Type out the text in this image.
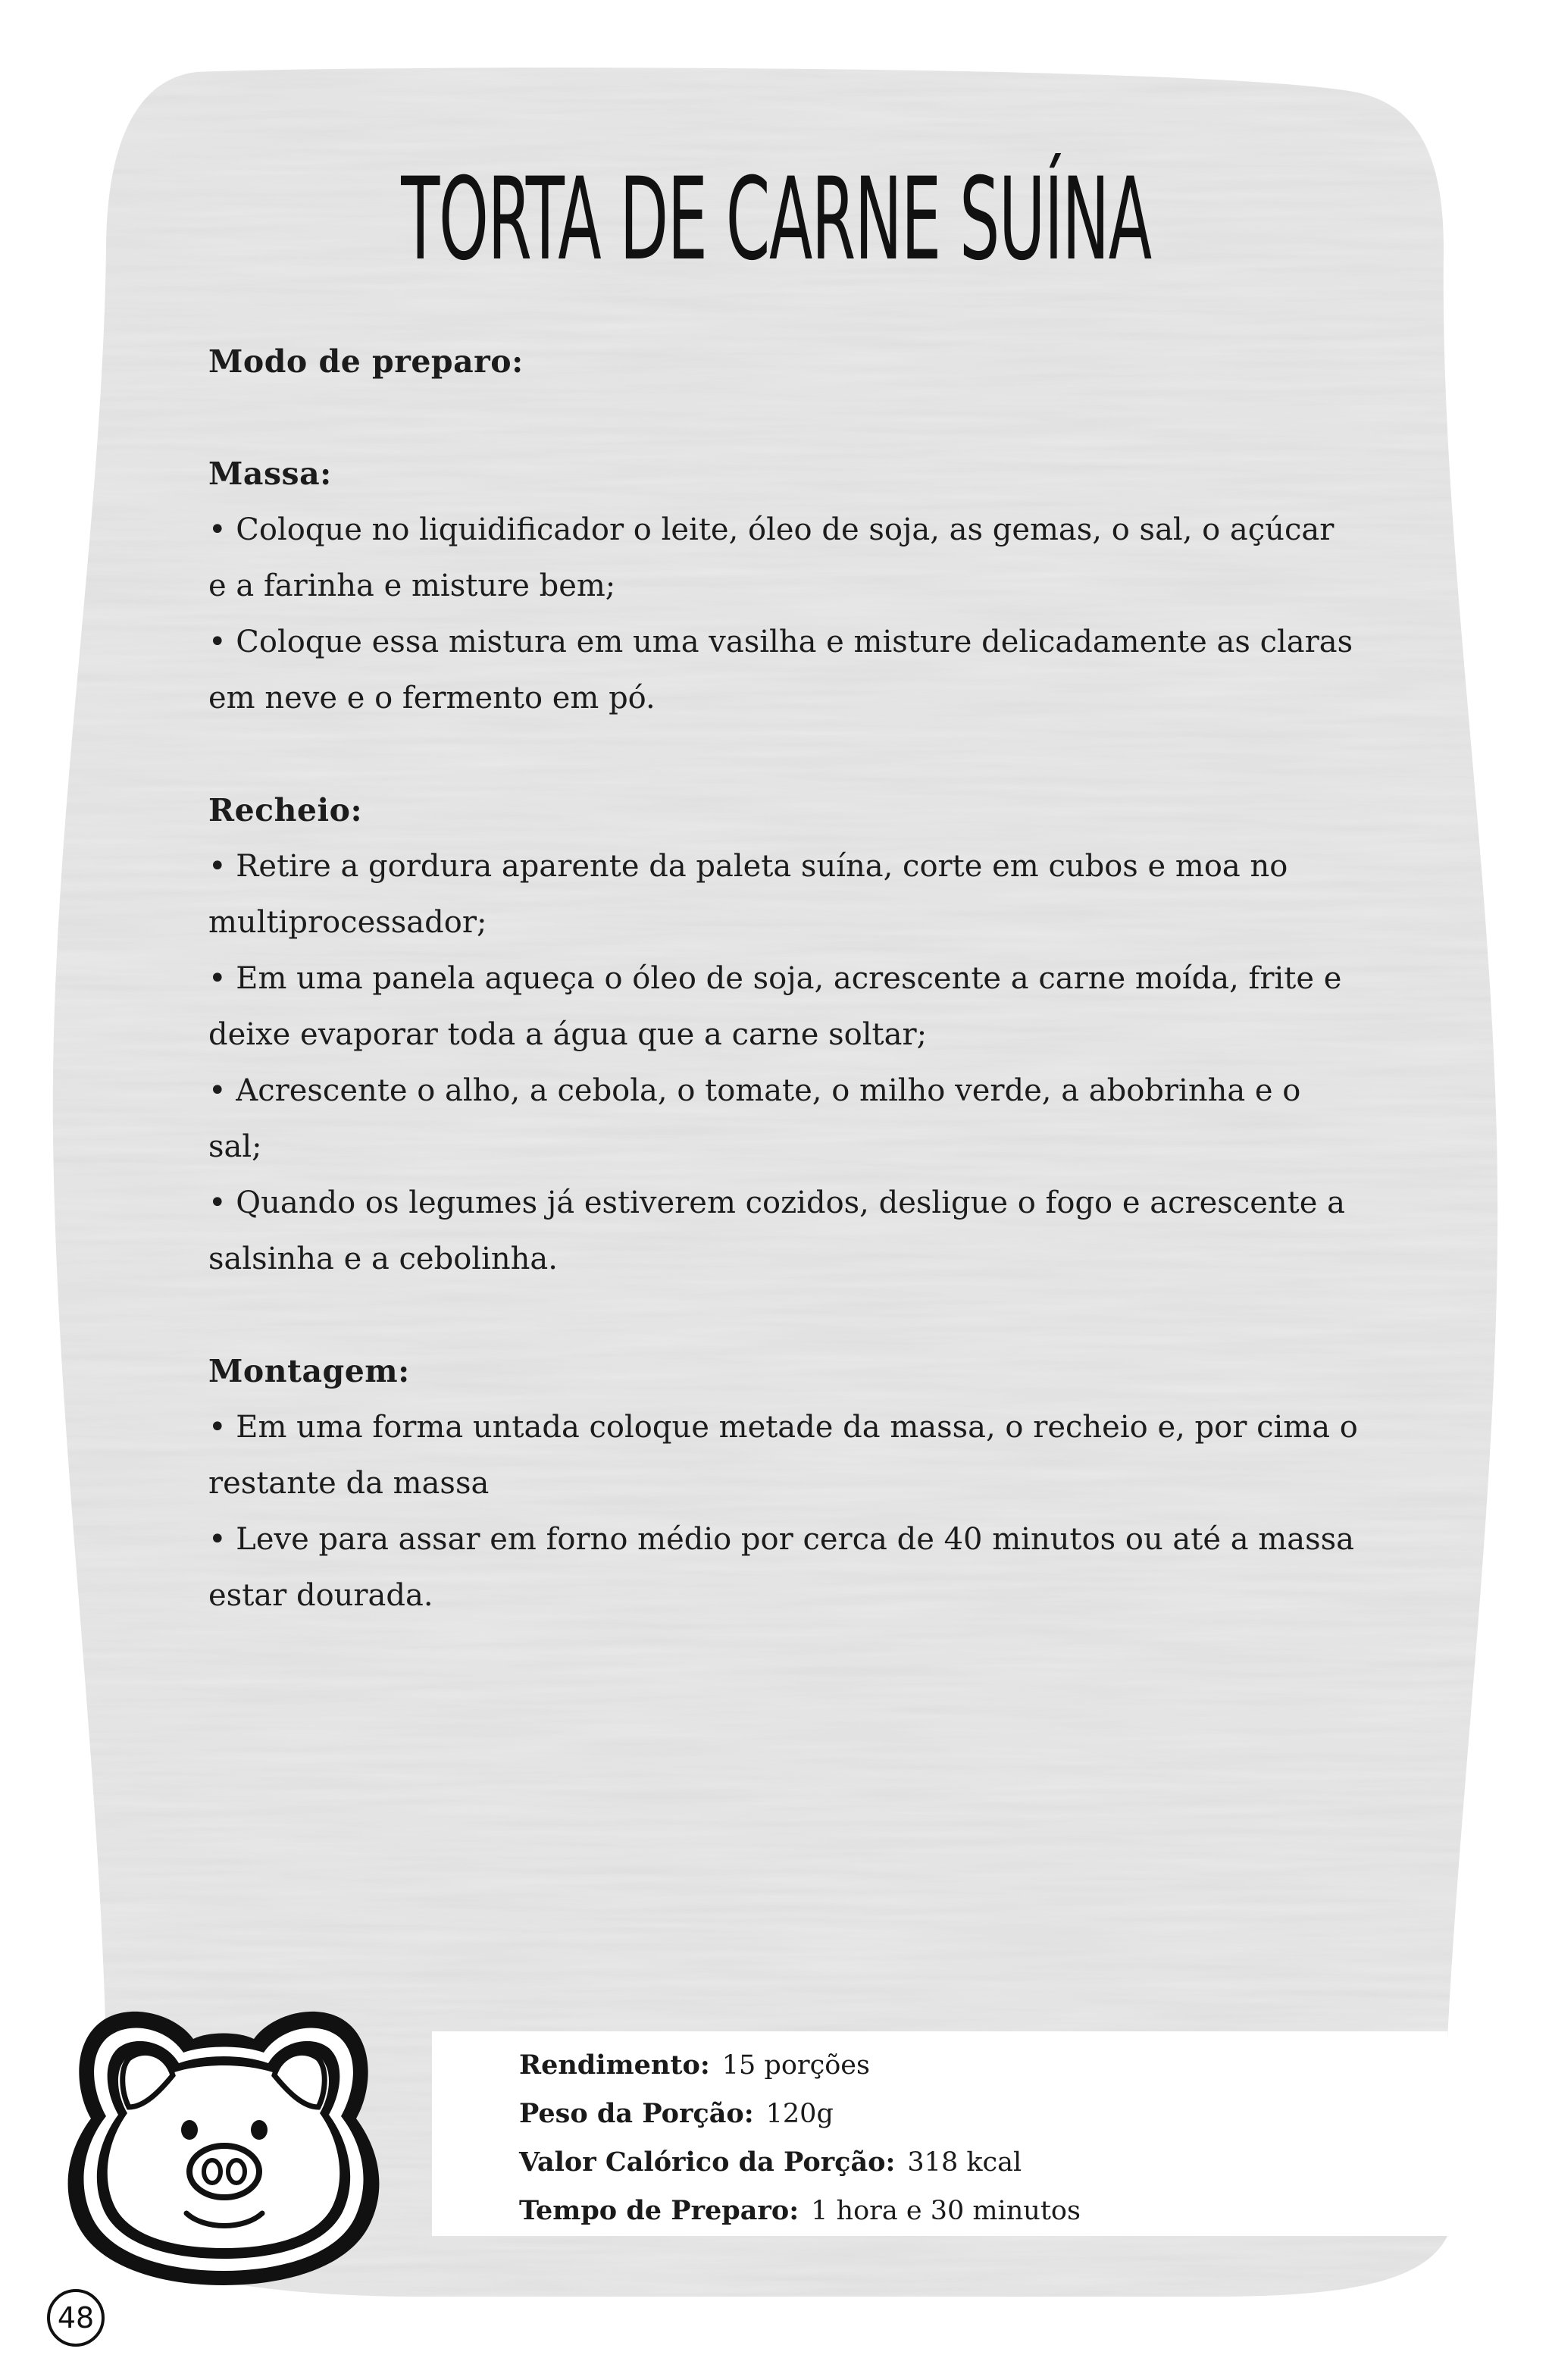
TORTA DE CARNE SUÍNA
Modo de preparo:
Massa:

• Coloque no liquidificador o leite, óleo de soja, as gemas, o sal, o açúcar e a farinha e misture bem;

• Coloque essa mistura em uma vasilha e misture delicadamente as claras em neve e o fermento em pó.

Recheio:

• Retire a gordura aparente da paleta suína, corte em cubos e moa no multiprocessador;

• Em uma panela aqueça o óleo de soja, acrescente a carne moída, frite e deixe evaporar toda a água que a carne soltar;

• Acrescente o alho, a cebola, o tomate, o milho verde, a abobrinha e o sal;

• Quando os legumes já estiverem cozidos, desligue o fogo e acrescente a salsinha e a cebolinha.

Montagem:

• Em uma forma untada coloque metade da massa, o recheio e, por cima o restante da massa

• Leve para assar em forno médio por cerca de 40 minutos ou até a massa estar dourada.

Rendimento: 15 porções
Peso da Porção: 120g
Valor Calórico da Porção: 318 kcal
Tempo de Preparo: 1 hora e 30 minutos
48
